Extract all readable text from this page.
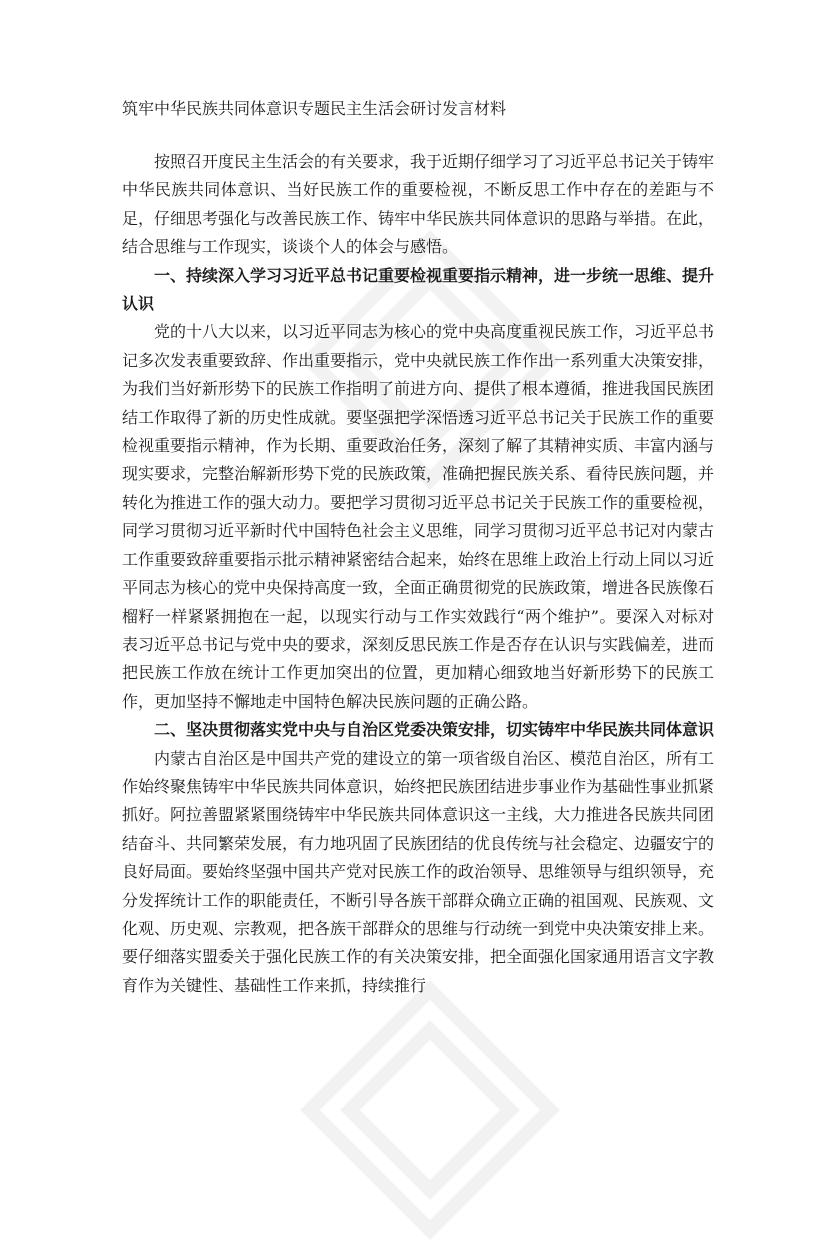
筑牢中华民族共同体意识专题民主生活会研讨发言材料

按照召开度民主生活会的有关要求，我于近期仔细学习了习近平总书记关于铸牢中华民族共同体意识、当好民族工作的重要检视，不断反思工作中存在的差距与不足，仔细思考强化与改善民族工作、铸牢中华民族共同体意识的思路与举措。在此，结合思维与工作现实，谈谈个人的体会与感悟。

一、持续深入学习习近平总书记重要检视重要指示精神，进一步统一思维、提升认识

党的十八大以来，以习近平同志为核心的党中央高度重视民族工作，习近平总书记多次发表重要致辞、作出重要指示，党中央就民族工作作出一系列重大决策安排，为我们当好新形势下的民族工作指明了前进方向、提供了根本遵循，推进我国民族团结工作取得了新的历史性成就。要坚强把学深悟透习近平总书记关于民族工作的重要检视重要指示精神，作为长期、重要政治任务，深刻了解了其精神实质、丰富内涵与现实要求，完整治解新形势下党的民族政策，准确把握民族关系、看待民族问题，并转化为推进工作的强大动力。要把学习贯彻习近平总书记关于民族工作的重要检视，同学习贯彻习近平新时代中国特色社会主义思维，同学习贯彻习近平总书记对内蒙古工作重要致辞重要指示批示精神紧密结合起来，始终在思维上政治上行动上同以习近平同志为核心的党中央保持高度一致，全面正确贯彻党的民族政策，增进各民族像石榴籽一样紧紧拥抱在一起，以现实行动与工作实效践行“两个维护”。要深入对标对表习近平总书记与党中央的要求，深刻反思民族工作是否存在认识与实践偏差，进而把民族工作放在统计工作更加突出的位置，更加精心细致地当好新形势下的民族工作，更加坚持不懈地走中国特色解决民族问题的正确公路。

二、坚决贯彻落实党中央与自治区党委决策安排，切实铸牢中华民族共同体意识

内蒙古自治区是中国共产党的建设立的第一项省级自治区、模范自治区，所有工作始终聚焦铸牢中华民族共同体意识，始终把民族团结进步事业作为基础性事业抓紧抓好。阿拉善盟紧紧围绕铸牢中华民族共同体意识这一主线，大力推进各民族共同团结奋斗、共同繁荣发展，有力地巩固了民族团结的优良传统与社会稳定、边疆安宁的良好局面。要始终坚强中国共产党对民族工作的政治领导、思维领导与组织领导，充分发挥统计工作的职能责任，不断引导各族干部群众确立正确的祖国观、民族观、文化观、历史观、宗教观，把各族干部群众的思维与行动统一到党中央决策安排上来。要仔细落实盟委关于强化民族工作的有关决策安排，把全面强化国家通用语言文字教育作为关键性、基础性工作来抓，持续推行
